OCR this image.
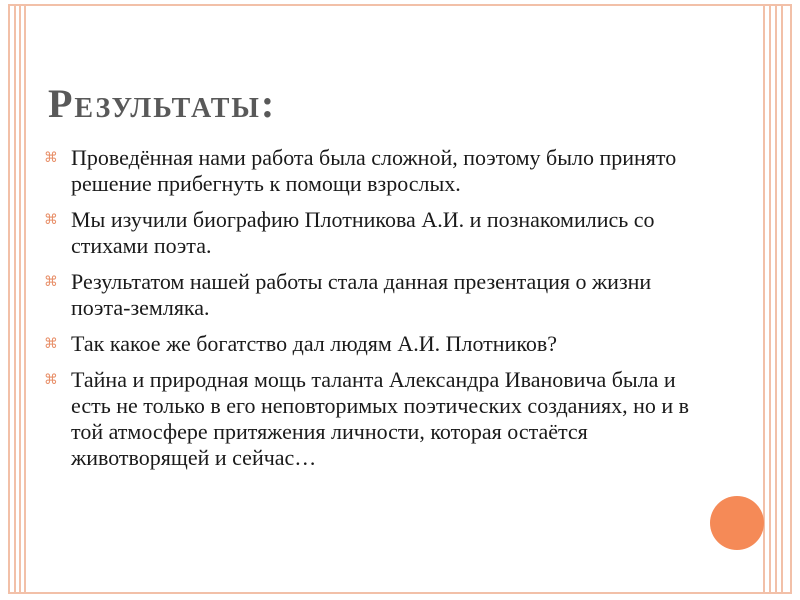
Результаты:
⌘ Проведённая нами работа была сложной, поэтому было принято решение прибегнуть к помощи взрослых.
⌘ Мы изучили биографию Плотникова А.И. и познакомились со стихами поэта.
⌘ Результатом нашей работы стала данная презентация о жизни поэта-земляка.
⌘ Так какое же богатство дал людям А.И. Плотников?
⌘ Тайна и природная мощь таланта Александра Ивановича была и есть не только в его неповторимых поэтических созданиях, но и в той атмосфере притяжения личности, которая остаётся животворящей и сейчас…
